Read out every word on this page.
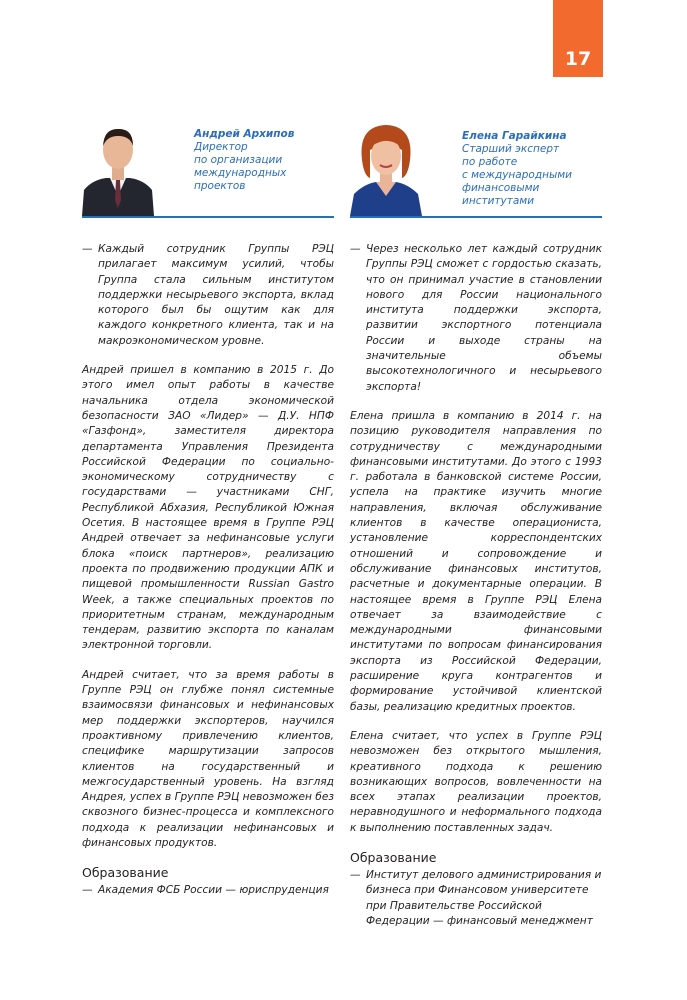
17
Андрей Архипов
Директор
по организации
международных
проектов

— Каждый сотрудник Группы РЭЦ прилагает максимум усилий, чтобы Группа стала сильным институтом поддержки несырьевого экспорта, вклад которого был бы ощутим как для каждого конкретного клиента, так и на макроэкономическом уровне.

Андрей пришел в компанию в 2015 г. До этого имел опыт работы в качестве начальника отдела экономической безопасности ЗАО «Лидер» — Д.У. НПФ «Газфонд», заместителя директора департамента Управления Президента Российской Федерации по социально-экономическому сотрудничеству с государствами — участниками СНГ, Республикой Абхазия, Республикой Южная Осетия. В настоящее время в Группе РЭЦ Андрей отвечает за нефинансовые услуги блока «поиск партнеров», реализацию проекта по продвижению продукции АПК и пищевой промышленности Russian Gastro Week, а также специальных проектов по приоритетным странам, международным тендерам, развитию экспорта по каналам электронной торговли.

Андрей считает, что за время работы в Группе РЭЦ он глубже понял системные взаимосвязи финансовых и нефинансовых мер поддержки экспортеров, научился проактивному привлечению клиентов, специфике маршрутизации запросов клиентов на государственный и межгосударственный уровень. На взгляд Андрея, успех в Группе РЭЦ невозможен без сквозного бизнес-процесса и комплексного подхода к реализации нефинансовых и финансовых продуктов.

Образование
— Академия ФСБ России — юриспруденция
Елена Гарайкина
Старший эксперт
по работе
с международными
финансовыми
институтами

— Через несколько лет каждый сотрудник Группы РЭЦ сможет с гордостью сказать, что он принимал участие в становлении нового для России национального института поддержки экспорта, развитии экспортного потенциала России и выходе страны на значительные объемы высокотехнологичного и несырьевого экспорта!

Елена пришла в компанию в 2014 г. на позицию руководителя направления по сотрудничеству с международными финансовыми институтами. До этого с 1993 г. работала в банковской системе России, успела на практике изучить многие направления, включая обслуживание клиентов в качестве операциониста, установление корреспондентских отношений и сопровождение и обслуживание финансовых институтов, расчетные и документарные операции. В настоящее время в Группе РЭЦ Елена отвечает за взаимодействие с международными финансовыми институтами по вопросам финансирования экспорта из Российской Федерации, расширение круга контрагентов и формирование устойчивой клиентской базы, реализацию кредитных проектов.

Елена считает, что успех в Группе РЭЦ невозможен без открытого мышления, креативного подхода к решению возникающих вопросов, вовлеченности на всех этапах реализации проектов, неравнодушного и неформального подхода к выполнению поставленных задач.

Образование
— Институт делового администрирования и бизнеса при Финансовом университете при Правительстве Российской Федерации — финансовый менеджмент
